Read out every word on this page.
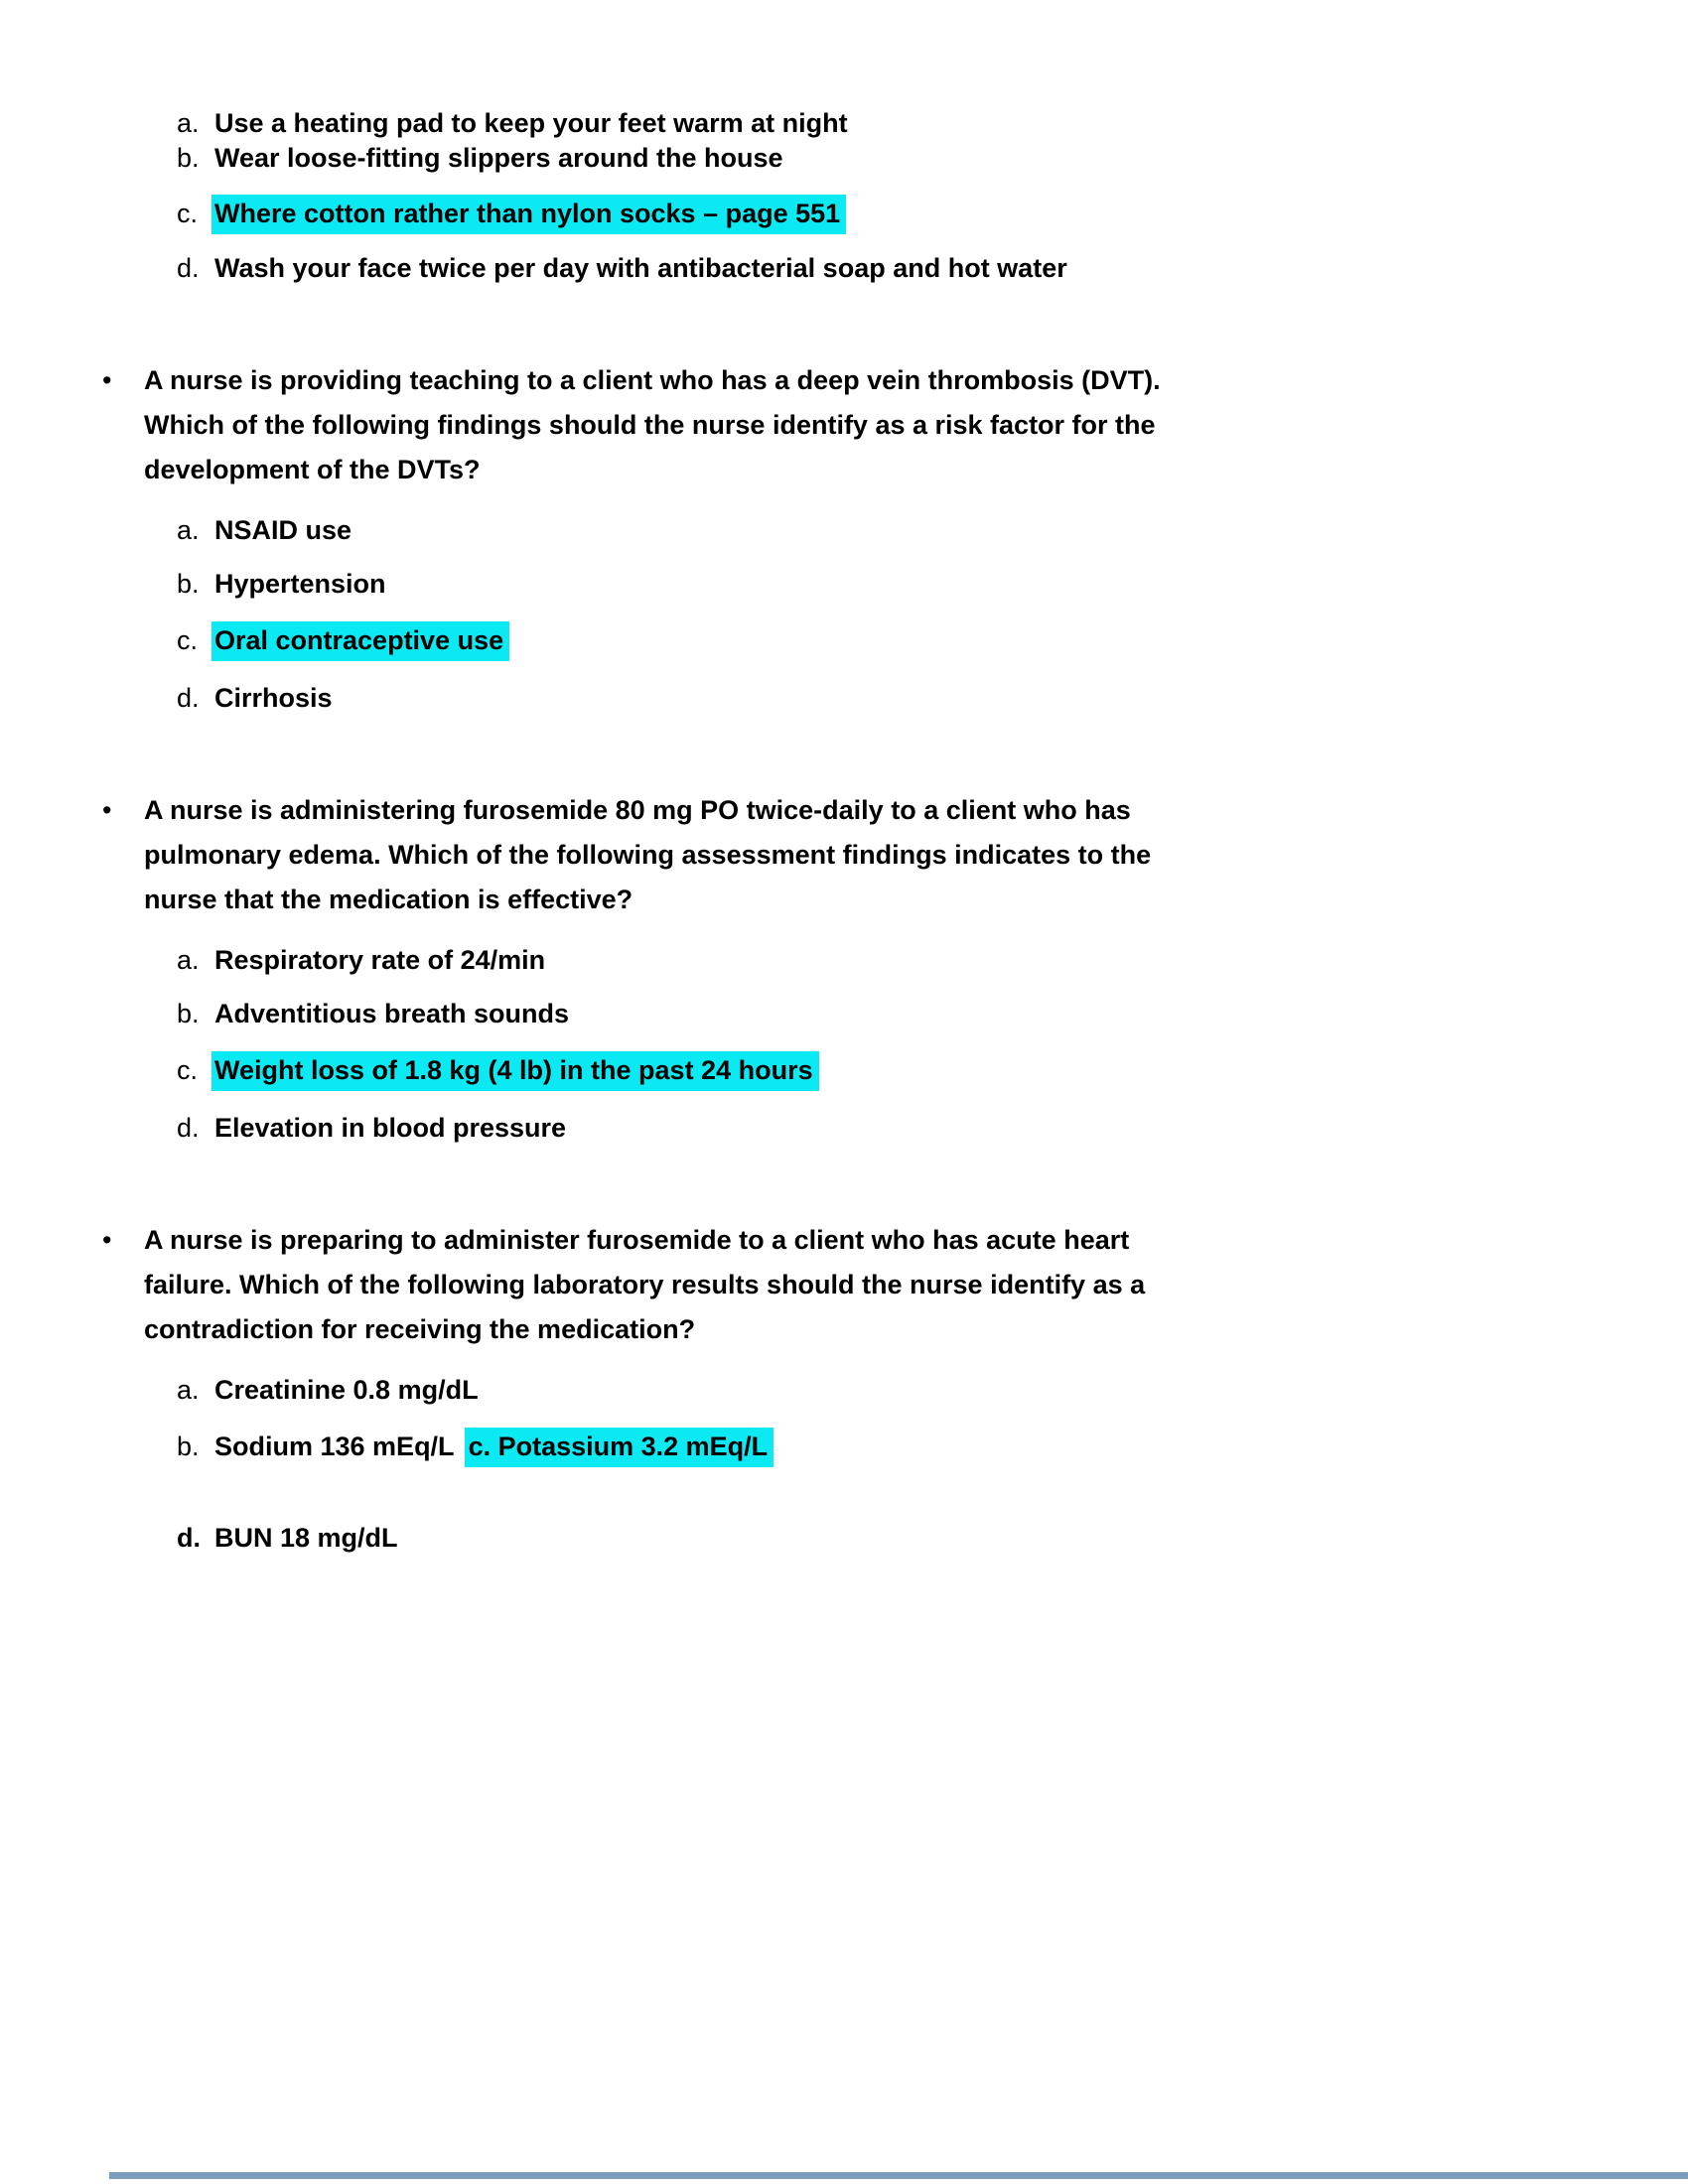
a. Use a heating pad to keep your feet warm at night
b. Wear loose-fitting slippers around the house
c. Where cotton rather than nylon socks – page 551
d. Wash your face twice per day with antibacterial soap and hot water
• A nurse is providing teaching to a client who has a deep vein thrombosis (DVT).
Which of the following findings should the nurse identify as a risk factor for the
development of the DVTs?
a. NSAID use
b. Hypertension
c. Oral contraceptive use
d. Cirrhosis
• A nurse is administering furosemide 80 mg PO twice-daily to a client who has
pulmonary edema. Which of the following assessment findings indicates to the
nurse that the medication is effective?
a. Respiratory rate of 24/min
b. Adventitious breath sounds
c. Weight loss of 1.8 kg (4 lb) in the past 24 hours
d. Elevation in blood pressure
• A nurse is preparing to administer furosemide to a client who has acute heart
failure. Which of the following laboratory results should the nurse identify as a
contradiction for receiving the medication?
a. Creatinine 0.8 mg/dL
b. Sodium 136 mEq/L c. Potassium 3.2 mEq/L
d. BUN 18 mg/dL
